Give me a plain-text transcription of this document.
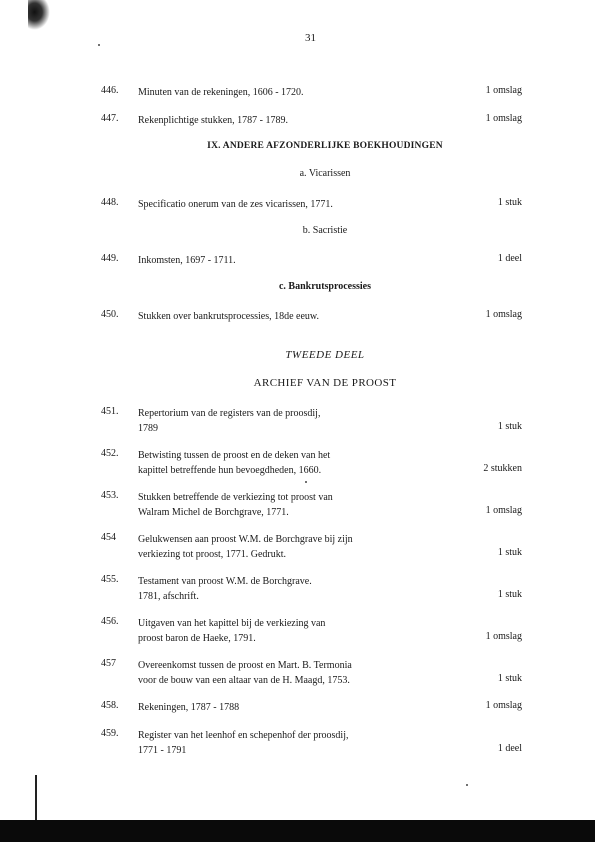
31
446. Minuten van de rekeningen, 1606 - 1720.	1 omslag
447. Rekenplichtige stukken, 1787 - 1789.	1 omslag
IX. ANDERE AFZONDERLIJKE BOEKHOUDINGEN
a. Vicarissen
448. Specificatio onerum van de zes vicarissen, 1771.	1 stuk
b. Sacristie
449. Inkomsten, 1697 - 1711.	1 deel
c. Bankrutsprocessies
450. Stukken over bankrutsprocessies, 18de eeuw.	1 omslag
TWEEDE DEEL
ARCHIEF VAN DE PROOST
451. Repertorium van de registers van de proosdij,
1789	1 stuk
452. Betwisting tussen de proost en de deken van het
kapittel betreffende hun bevoegdheden, 1660.	2 stukken
453. Stukken betreffende de verkiezing tot proost van
Walram Michel de Borchgrave, 1771.	1 omslag
454 Gelukwensen aan proost W.M. de Borchgrave bij zijn
verkiezing tot proost, 1771. Gedrukt.	1 stuk
455. Testament van proost W.M. de Borchgrave.
1781, afschrift.	1 stuk
456. Uitgaven van het kapittel bij de verkiezing van
proost baron de Haeke, 1791.	1 omslag
457 Overeenkomst tussen de proost en Mart. B. Termonia
voor de bouw van een altaar van de H. Maagd, 1753.	1 stuk
458. Rekeningen, 1787 - 1788	1 omslag
459. Register van het leenhof en schepenhof der proosdij,
1771 - 1791	1 deel
